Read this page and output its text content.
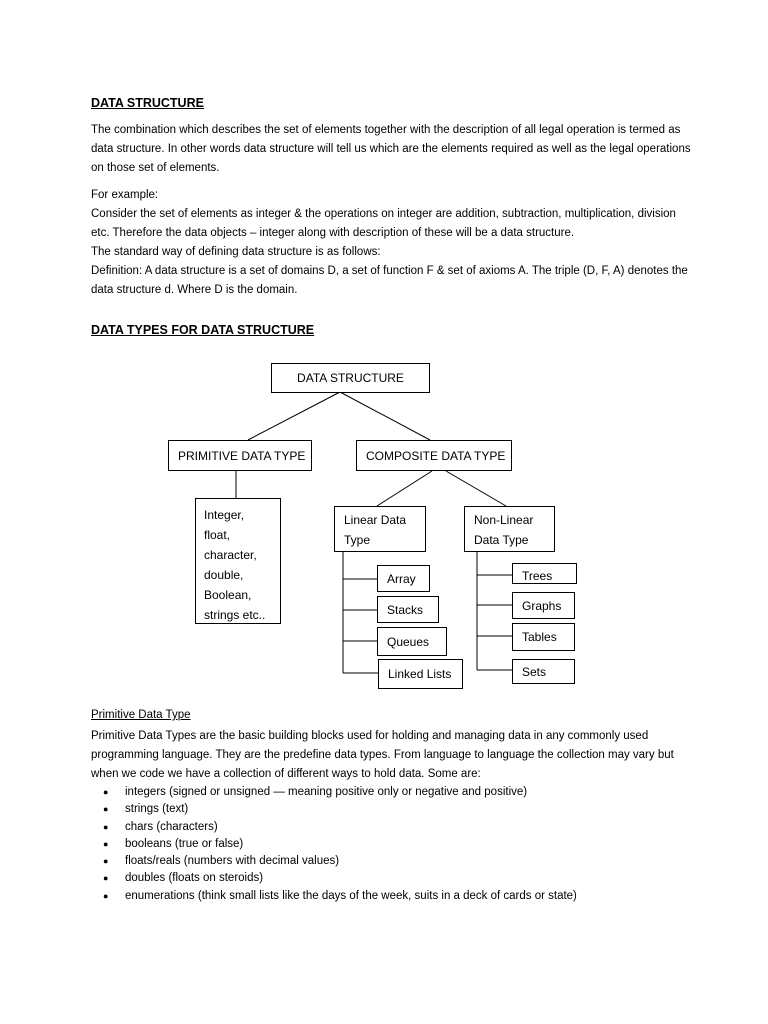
DATA STRUCTURE
The combination which describes the set of elements together with the description of all legal operation is termed as data structure. In other words data structure will tell us which are the elements required as well as the legal operations on those set of elements.
For example:
Consider the set of elements as integer & the operations on integer are addition, subtraction, multiplication, division etc. Therefore the data objects – integer along with description of these will be a data structure.
The standard way of defining data structure is as follows:
Definition: A data structure is a set of domains D, a set of function F & set of axioms A. The triple (D, F, A) denotes the data structure d. Where D is the domain.
DATA TYPES FOR DATA STRUCTURE
DATA STRUCTURE
PRIMITIVE DATA TYPE	COMPOSITE DATA TYPE
Integer,
float,
character,
double,
Boolean,
strings etc..
Linear Data
Type
Non-Linear
Data Type
Array
Stacks
Queues
Linked Lists
Trees
Graphs
Tables
Sets
Primitive Data Type
Primitive Data Types are the basic building blocks used for holding and managing data in any commonly used programming language. They are the predefine data types. From language to language the collection may vary but when we code we have a collection of different ways to hold data. Some are:
● integers (signed or unsigned — meaning positive only or negative and positive)
● strings (text)
● chars (characters)
● booleans (true or false)
● floats/reals (numbers with decimal values)
● doubles (floats on steroids)
● enumerations (think small lists like the days of the week, suits in a deck of cards or state)
